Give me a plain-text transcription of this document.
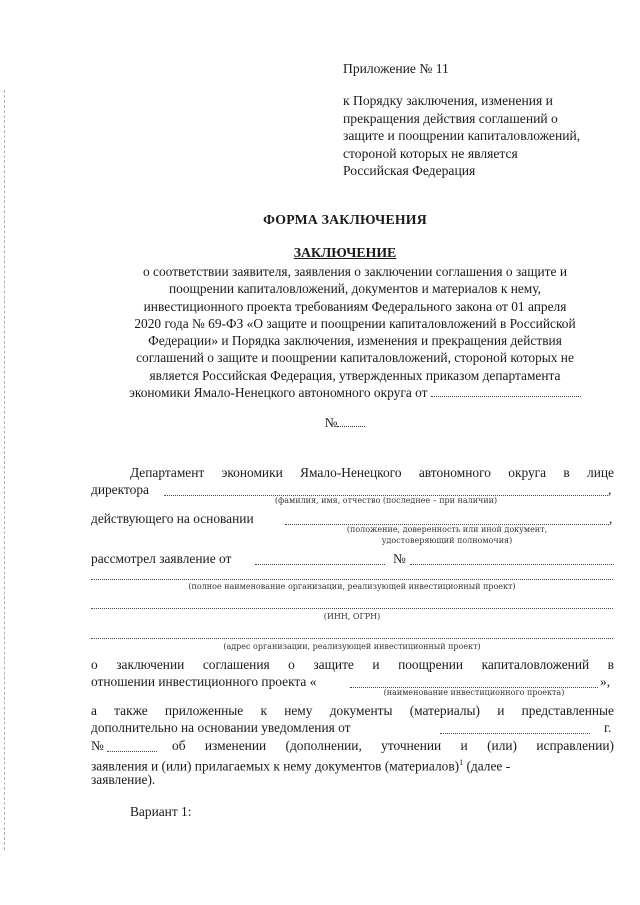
Приложение № 11
к Порядку заключения, изменения и
прекращения действия соглашений о
защите и поощрении капиталовложений,
стороной которых не является
Российская Федерация
ФОРМА ЗАКЛЮЧЕНИЯ
ЗАКЛЮЧЕНИЕ
о соответствии заявителя, заявления о заключении соглашения о защите и
поощрении капиталовложений, документов и материалов к нему,
инвестиционного проекта требованиям Федерального закона от 01 апреля
2020 года № 69-ФЗ «О защите и поощрении капиталовложений в Российской
Федерации» и Порядка заключения, изменения и прекращения действия
соглашений о защите и поощрении капиталовложений, стороной которых не
является Российская Федерация, утвержденных приказом департамента
экономики Ямало-Ненецкого автономного округа от
№
Департамент экономики Ямало-Ненецкого автономного округа в лице
директора	,
(фамилия, имя, отчество (последнее – при наличии)
действующего на основании	,
(положение, доверенность или иной документ,
удостоверяющий полномочия)
рассмотрел заявление от	№
(полное наименование организации, реализующей инвестиционный проект)
(ИНН, ОГРН)
(адрес организации, реализующей инвестиционный проект)
о заключении соглашения о защите и поощрении капиталовложений в
отношении инвестиционного проекта «	»,
(наименование инвестиционного проекта)
а также приложенные к нему документы (материалы) и представленные
дополнительно на основании уведомления от	г.
№	об изменении (дополнении, уточнении и (или) исправлении)
заявления и (или) прилагаемых к нему документов (материалов)$^1$ (далее -
заявление).
Вариант 1:
